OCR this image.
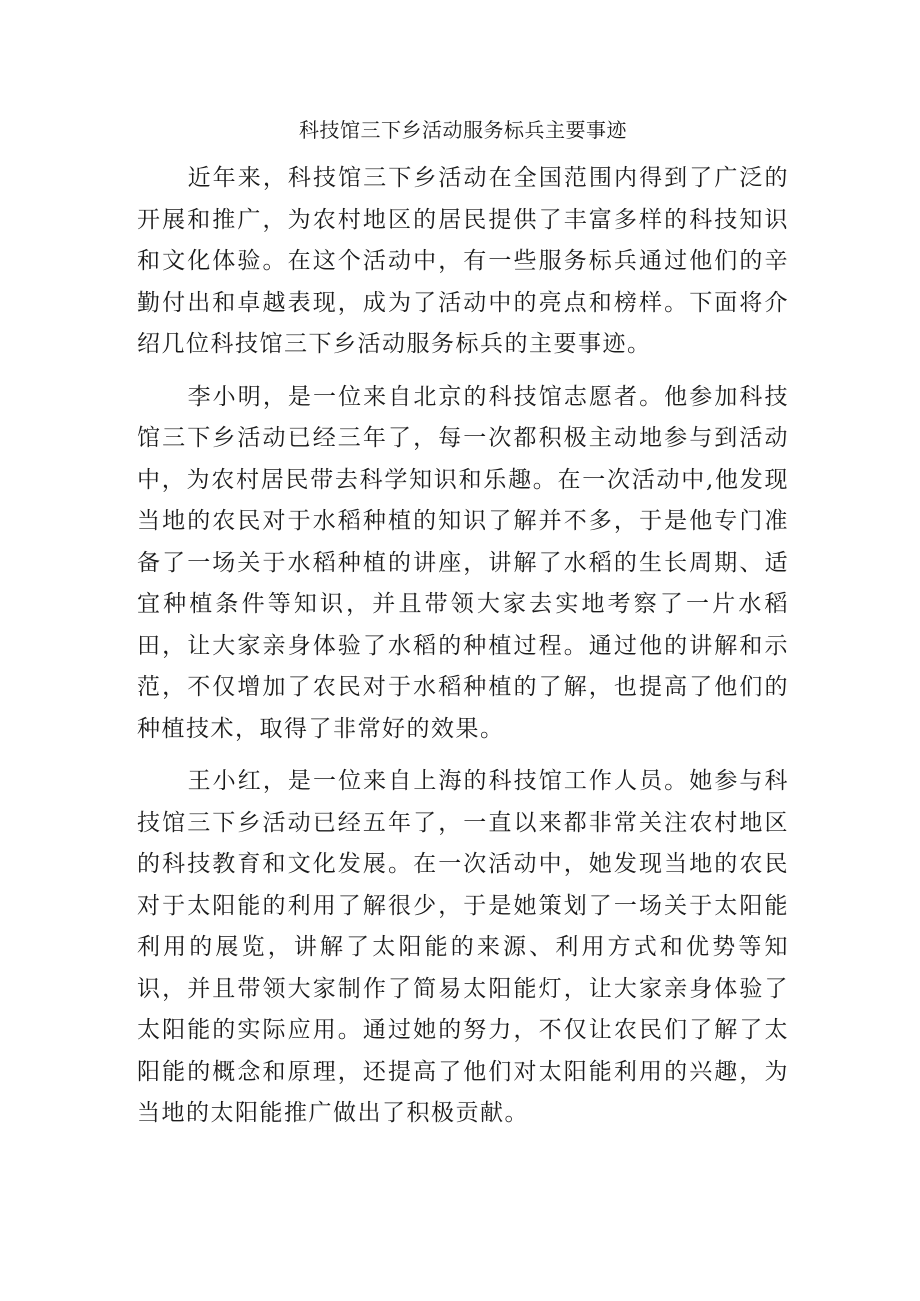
科技馆三下乡活动服务标兵主要事迹

近年来，科技馆三下乡活动在全国范围内得到了广泛的开展和推广，为农村地区的居民提供了丰富多样的科技知识和文化体验。在这个活动中，有一些服务标兵通过他们的辛勤付出和卓越表现，成为了活动中的亮点和榜样。下面将介绍几位科技馆三下乡活动服务标兵的主要事迹。

李小明，是一位来自北京的科技馆志愿者。他参加科技馆三下乡活动已经三年了，每一次都积极主动地参与到活动中，为农村居民带去科学知识和乐趣。在一次活动中,他发现当地的农民对于水稻种植的知识了解并不多，于是他专门准备了一场关于水稻种植的讲座，讲解了水稻的生长周期、适宜种植条件等知识，并且带领大家去实地考察了一片水稻田，让大家亲身体验了水稻的种植过程。通过他的讲解和示范，不仅增加了农民对于水稻种植的了解，也提高了他们的种植技术，取得了非常好的效果。

王小红，是一位来自上海的科技馆工作人员。她参与科技馆三下乡活动已经五年了，一直以来都非常关注农村地区的科技教育和文化发展。在一次活动中，她发现当地的农民对于太阳能的利用了解很少，于是她策划了一场关于太阳能利用的展览，讲解了太阳能的来源、利用方式和优势等知识，并且带领大家制作了简易太阳能灯，让大家亲身体验了太阳能的实际应用。通过她的努力，不仅让农民们了解了太阳能的概念和原理，还提高了他们对太阳能利用的兴趣，为当地的太阳能推广做出了积极贡献。
